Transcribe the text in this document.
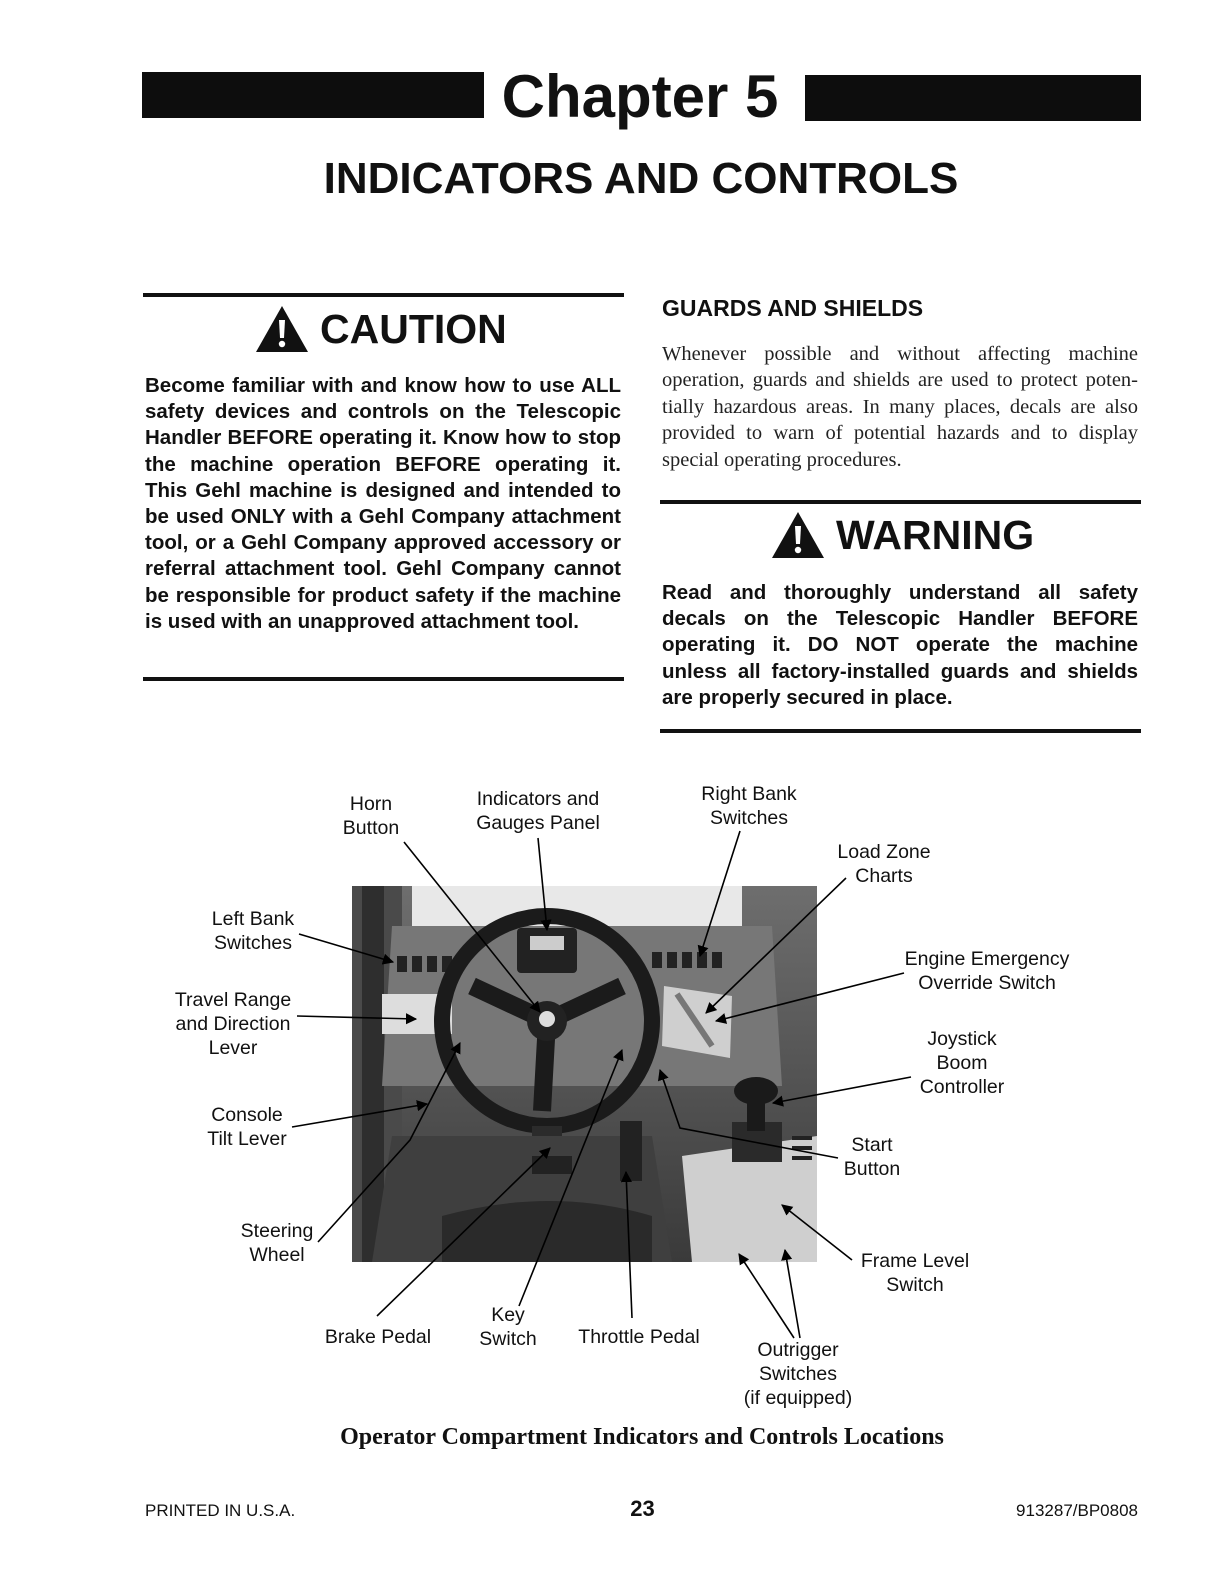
Chapter 5
INDICATORS AND CONTROLS
CAUTION
Become familiar with and know how to use ALL safety devices and controls on the Telescopic Handler BEFORE operating it. Know how to stop the machine operation BEFORE operating it. This Gehl machine is designed and intended to be used ONLY with a Gehl Company attachment tool, or a Gehl Company approved accessory or referral attachment tool. Gehl Company cannot be responsible for product safety if the machine is used with an unapproved attachment tool.
GUARDS AND SHIELDS
Whenever possible and without affecting machine operation, guards and shields are used to protect poten-tially hazardous areas. In many places, decals are also provided to warn of potential hazards and to display special operating procedures.
WARNING
Read and thoroughly understand all safety decals on the Telescopic Handler BEFORE operating it. DO NOT operate the machine unless all factory-installed guards and shields are properly secured in place.
Horn
Button
Indicators and
Gauges Panel
Right Bank
Switches
Load Zone
Charts
Left Bank
Switches
Engine Emergency
Override Switch
Travel Range
and Direction
Lever	Joystick
Boom
Controller
Console
Tilt Lever	Start
Button
Steering
Wheel	Frame Level
Switch
Brake Pedal
Key
Switch	Throttle Pedal
Outrigger
Switches
(if equipped)
Operator Compartment Indicators and Controls Locations
PRINTED IN U.S.A.	23	913287/BP0808
